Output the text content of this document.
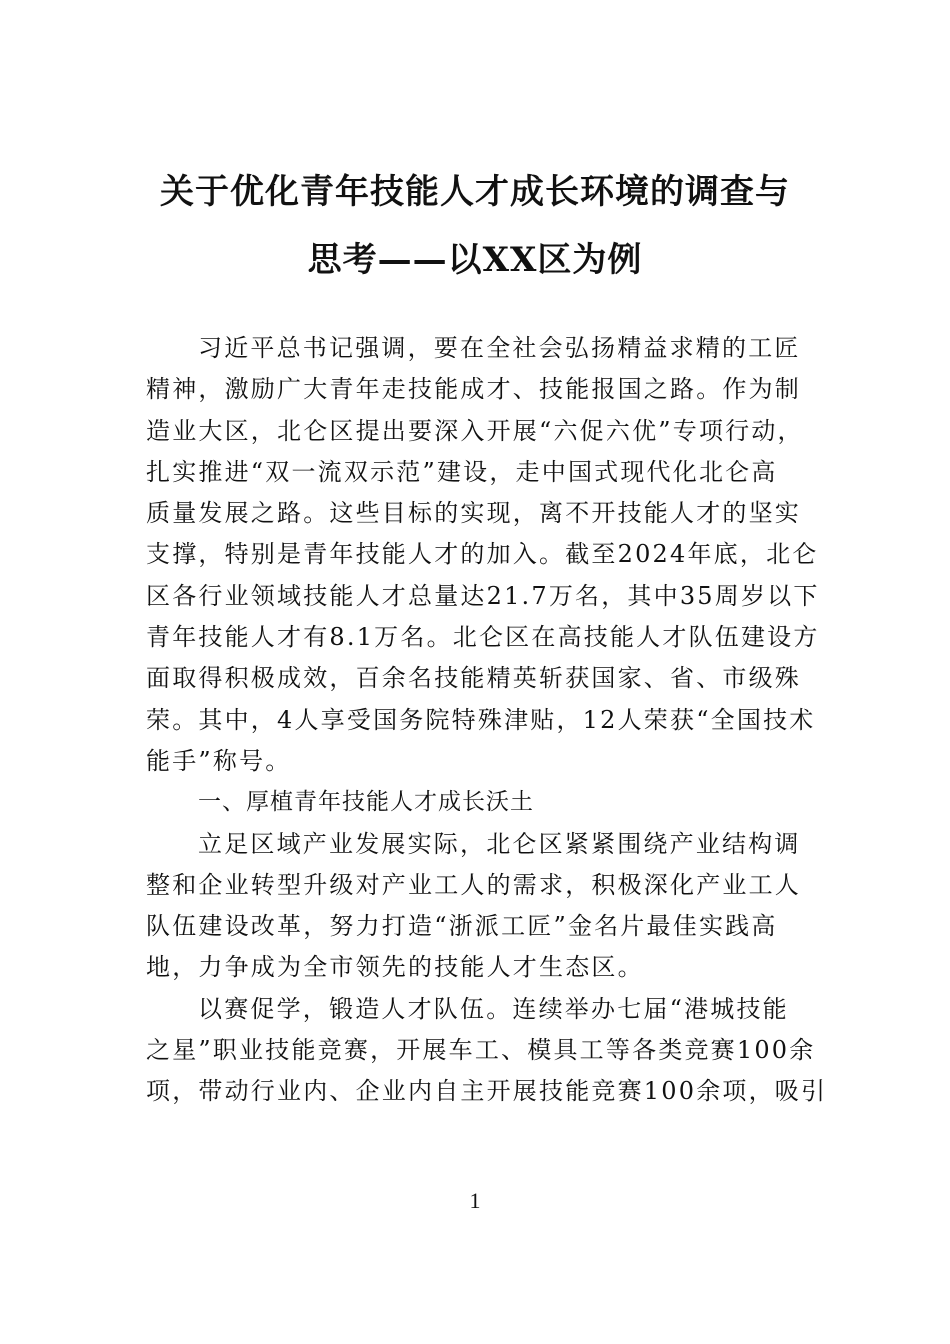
关于优化青年技能人才成长环境的调查与
思考——以XX区为例

习近平总书记强调，要在全社会弘扬精益求精的工匠
精神，激励广大青年走技能成才、技能报国之路。作为制
造业大区，北仑区提出要深入开展“六促六优”专项行动，
扎实推进“双一流双示范”建设，走中国式现代化北仑高
质量发展之路。这些目标的实现，离不开技能人才的坚实
支撑，特别是青年技能人才的加入。截至2024年底，北仑
区各行业领域技能人才总量达21.7万名，其中35周岁以下
青年技能人才有8.1万名。北仑区在高技能人才队伍建设方
面取得积极成效，百余名技能精英斩获国家、省、市级殊
荣。其中，4人享受国务院特殊津贴，12人荣获“全国技术
能手”称号。

一、厚植青年技能人才成长沃土

立足区域产业发展实际，北仑区紧紧围绕产业结构调
整和企业转型升级对产业工人的需求，积极深化产业工人
队伍建设改革，努力打造“浙派工匠”金名片最佳实践高
地，力争成为全市领先的技能人才生态区。

以赛促学，锻造人才队伍。连续举办七届“港城技能
之星”职业技能竞赛，开展车工、模具工等各类竞赛100余
项，带动行业内、企业内自主开展技能竞赛100余项，吸引

1
